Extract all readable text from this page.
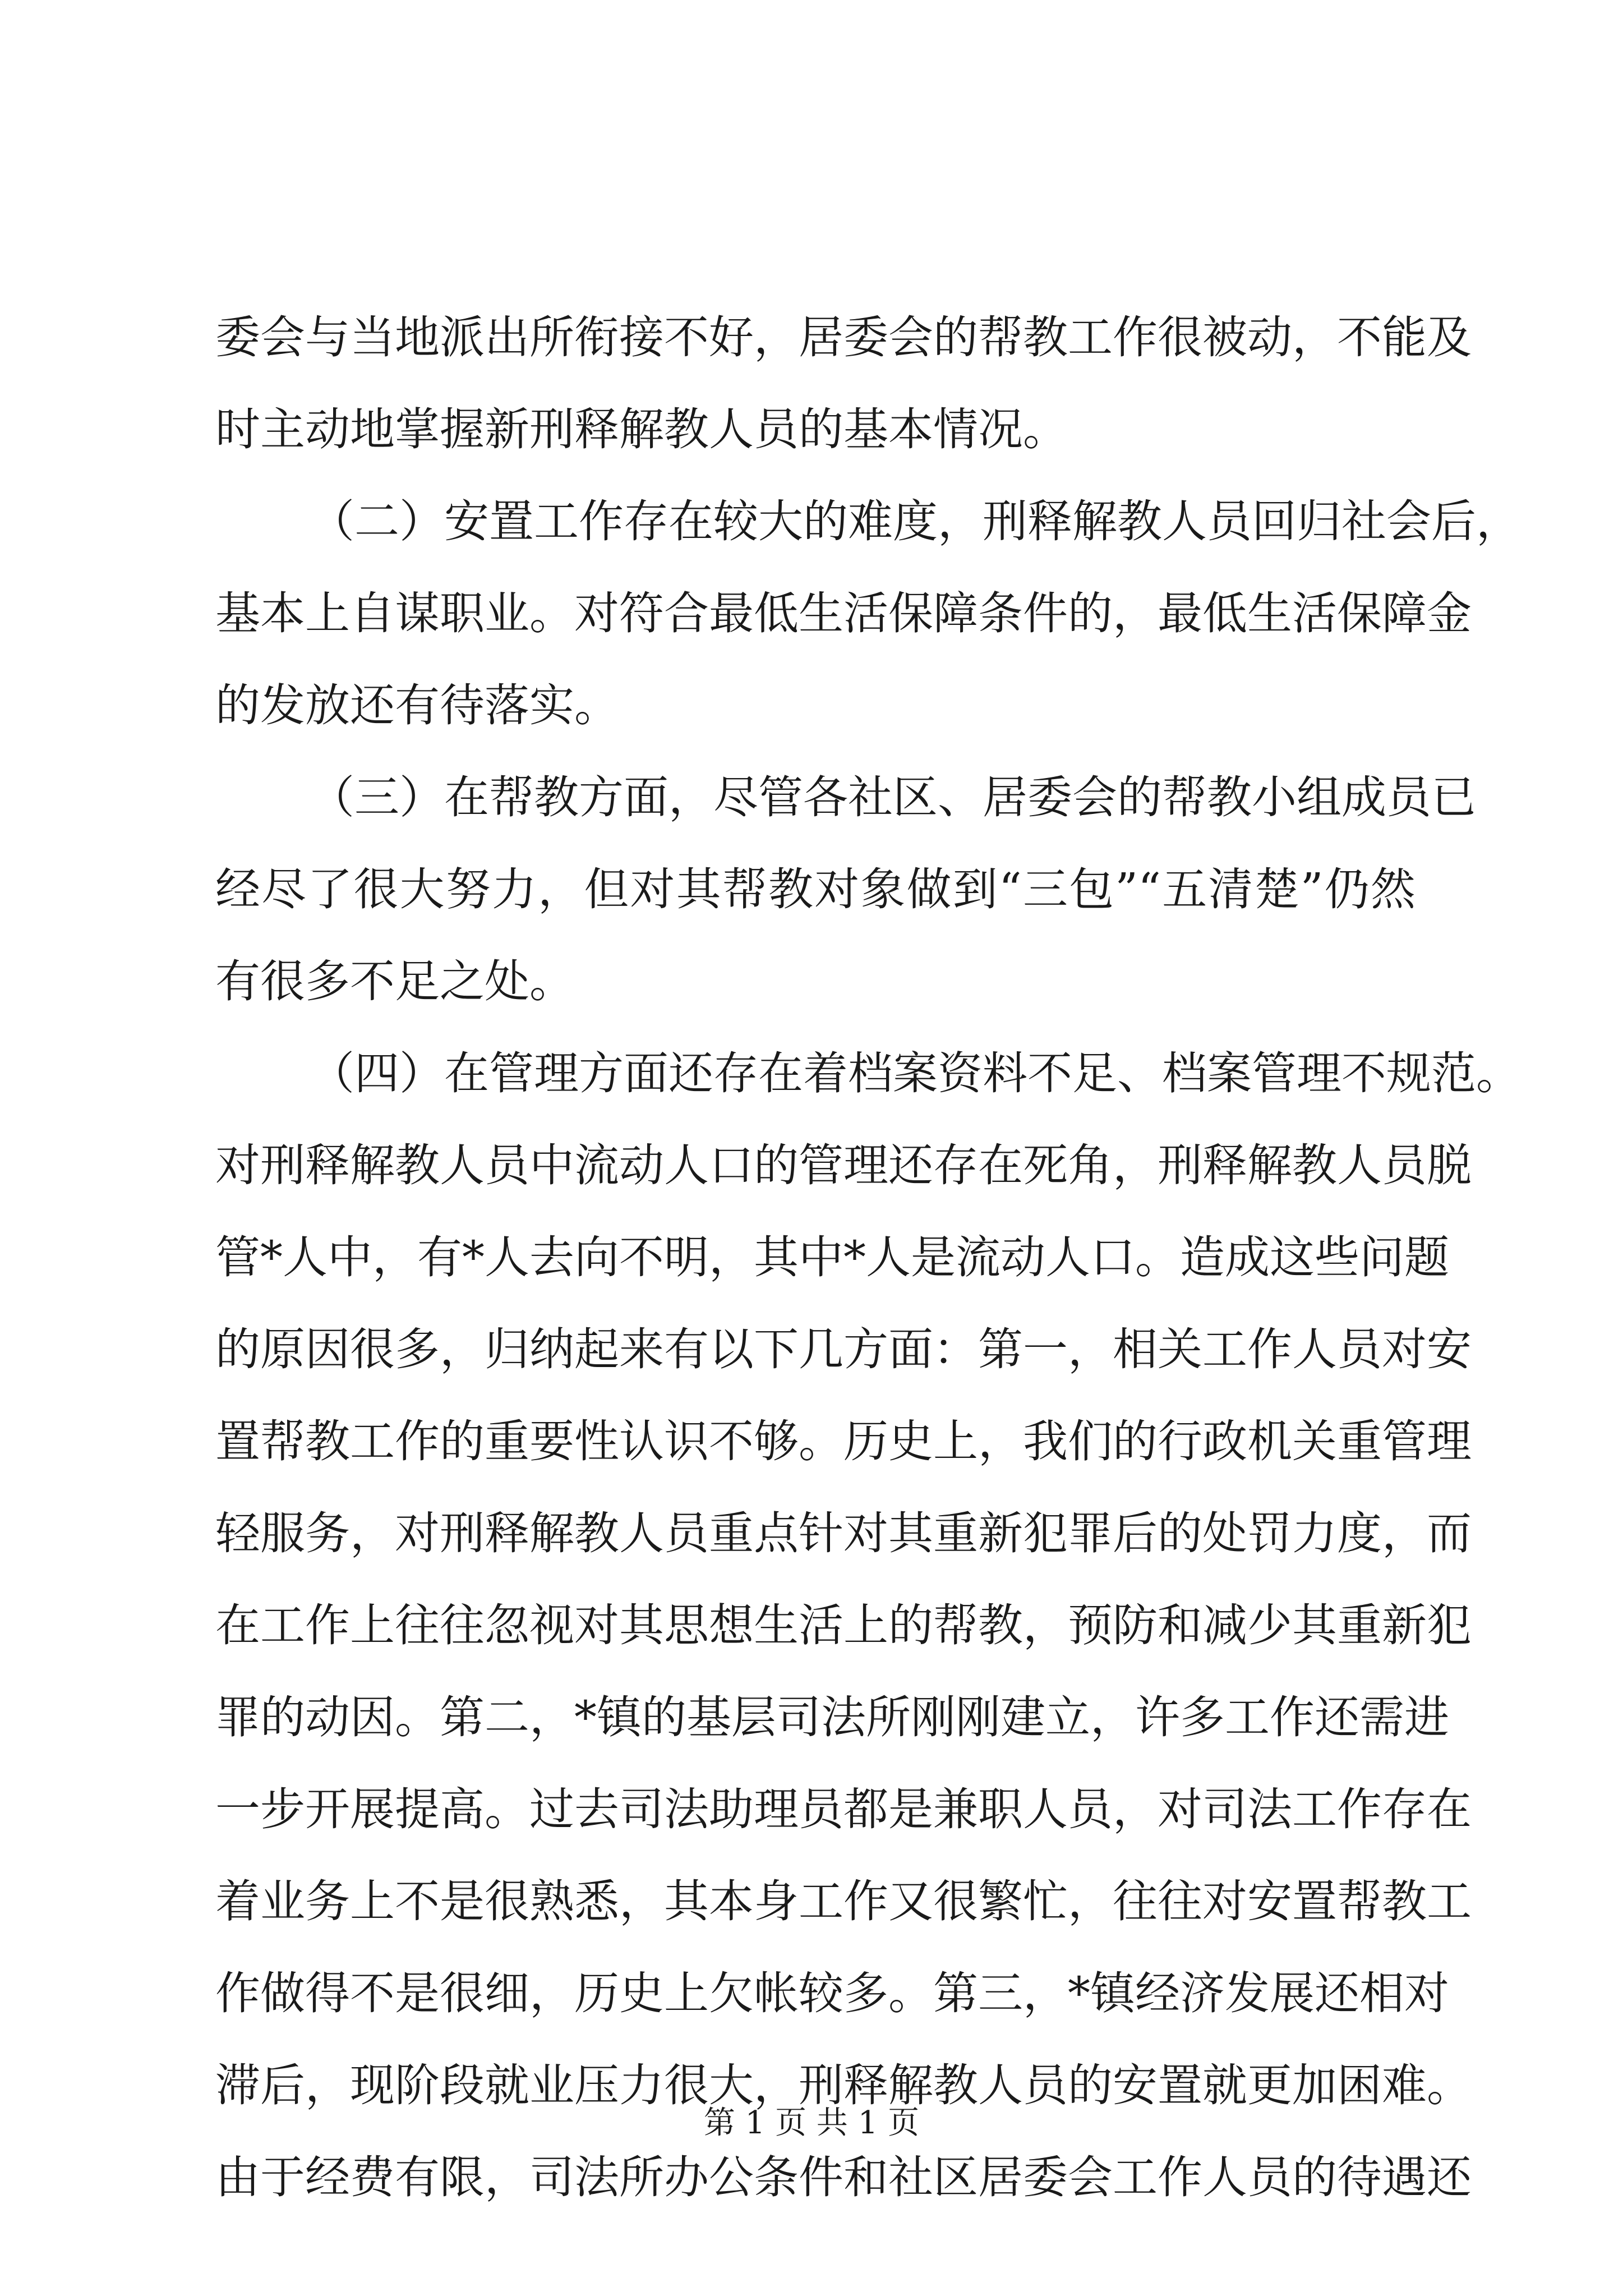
委会与当地派出所衔接不好，居委会的帮教工作很被动，不能及
时主动地掌握新刑释解教人员的基本情况。
（二）安置工作存在较大的难度，刑释解教人员回归社会后，
基本上自谋职业。对符合最低生活保障条件的，最低生活保障金
的发放还有待落实。
（三）在帮教方面，尽管各社区、居委会的帮教小组成员已
经尽了很大努力，但对其帮教对象做到“三包”“五清楚”仍然
有很多不足之处。
（四）在管理方面还存在着档案资料不足、档案管理不规范。
对刑释解教人员中流动人口的管理还存在死角，刑释解教人员脱
管*人中，有*人去向不明，其中*人是流动人口。造成这些问题
的原因很多，归纳起来有以下几方面：第一，相关工作人员对安
置帮教工作的重要性认识不够。历史上，我们的行政机关重管理
轻服务，对刑释解教人员重点针对其重新犯罪后的处罚力度，而
在工作上往往忽视对其思想生活上的帮教，预防和减少其重新犯
罪的动因。第二，*镇的基层司法所刚刚建立，许多工作还需进
一步开展提高。过去司法助理员都是兼职人员，对司法工作存在
着业务上不是很熟悉，其本身工作又很繁忙，往往对安置帮教工
作做得不是很细，历史上欠帐较多。第三，*镇经济发展还相对
滞后，现阶段就业压力很大，刑释解教人员的安置就更加困难。
由于经费有限，司法所办公条件和社区居委会工作人员的待遇还
第 1 页 共 1 页
